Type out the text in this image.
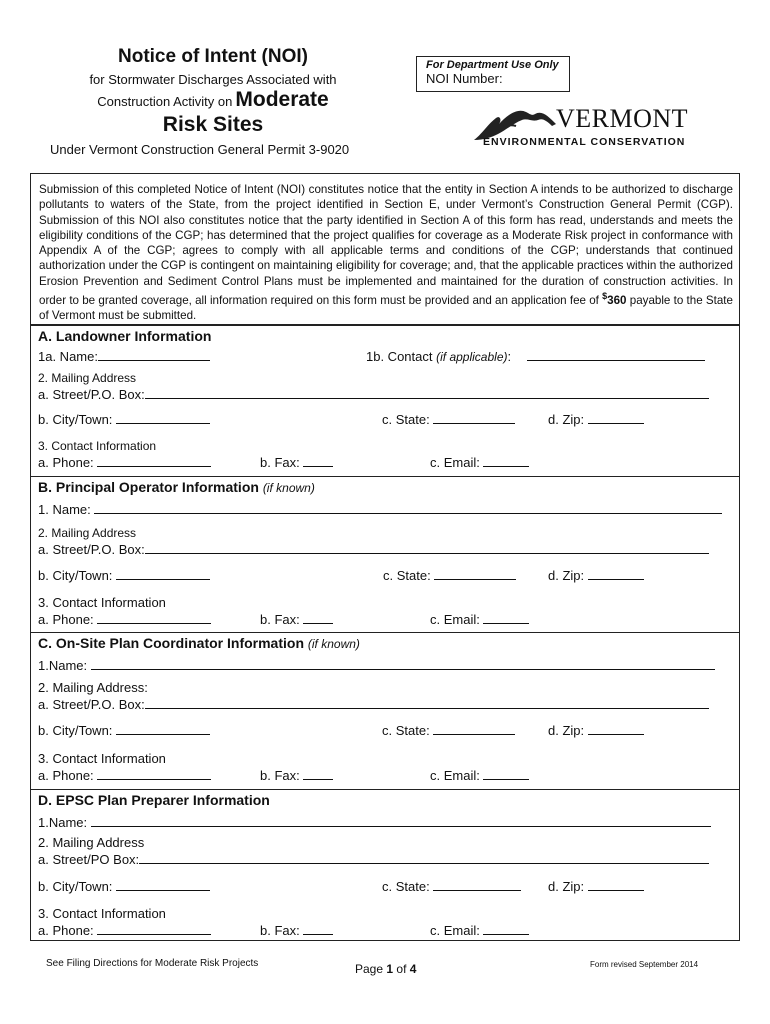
Notice of Intent (NOI)
for Stormwater Discharges Associated with
Construction Activity on Moderate
Risk Sites
Under Vermont Construction General Permit 3-9020
For Department Use Only
NOI Number:
VERMONT
ENVIRONMENTAL CONSERVATION
Submission of this completed Notice of Intent (NOI) constitutes notice that the entity in Section A intends to be authorized to discharge pollutants to waters of the State, from the project identified in Section E, under Vermont’s Construction General Permit (CGP). Submission of this NOI also constitutes notice that the party identified in Section A of this form has read, understands and meets the eligibility conditions of the CGP; has determined that the project qualifies for coverage as a Moderate Risk project in conformance with Appendix A of the CGP; agrees to comply with all applicable terms and conditions of the CGP; understands that continued authorization under the CGP is contingent on maintaining eligibility for coverage; and, that the applicable practices within the authorized Erosion Prevention and Sediment Control Plans must be implemented and maintained for the duration of construction activities. In order to be granted coverage, all information required on this form must be provided and an application fee of $360 payable to the State of Vermont must be submitted.
A. Landowner Information
1a. Name:	1b. Contact (if applicable):
2. Mailing Address
a. Street/P.O. Box:
b. City/Town:	c. State:	d. Zip:
3. Contact Information
a. Phone:	b. Fax:	c. Email:
B. Principal Operator Information (if known)
1. Name:
2. Mailing Address
a. Street/P.O. Box:
b. City/Town:	c. State:	d. Zip:
3. Contact Information
a. Phone:	b. Fax:	c. Email:
C. On-Site Plan Coordinator Information (if known)
1.Name:
2. Mailing Address:
a. Street/P.O. Box:
b. City/Town:	c. State:	d. Zip:
3. Contact Information
a. Phone:	b. Fax:	c. Email:
D. EPSC Plan Preparer Information
1.Name:
2. Mailing Address
a. Street/PO Box:
b. City/Town:	c. State:	d. Zip:
3. Contact Information
a. Phone:	b. Fax:	c. Email:
See Filing Directions for Moderate Risk Projects	Page 1 of 4	Form revised September 2014
